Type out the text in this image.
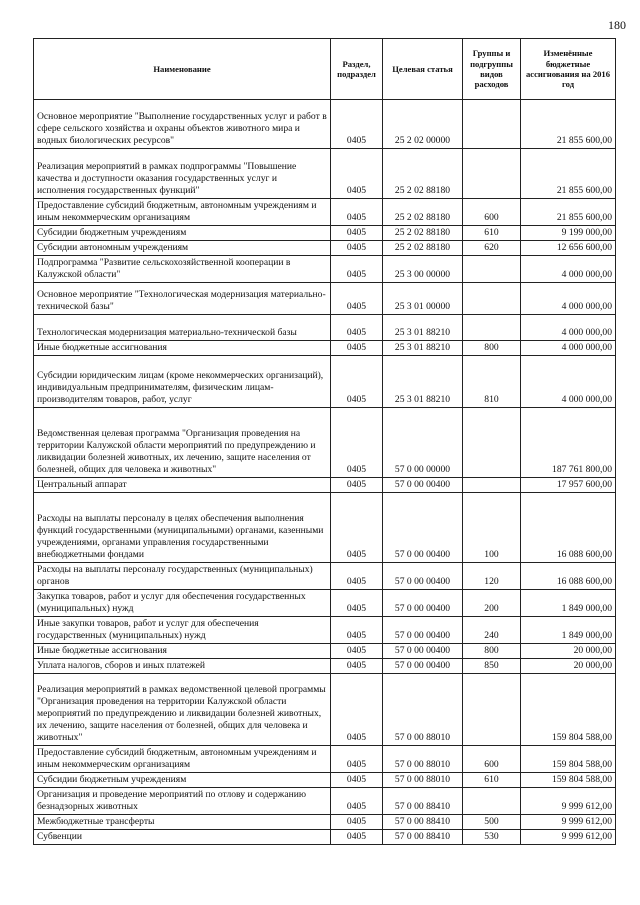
180
Наименование	Раздел, подраздел	Целевая статья	Группы и подгруппы видов расходов	Изменённые бюджетные ассигнования на 2016 год
Основное мероприятие "Выполнение государственных услуг и работ в сфере сельского хозяйства и охраны объектов животного мира и водных биологических ресурсов"	0405	25 2 02 00000		21 855 600,00
Реализация мероприятий в рамках подпрограммы "Повышение качества и доступности оказания государственных услуг и исполнения государственных функций"	0405	25 2 02 88180		21 855 600,00
Предоставление субсидий бюджетным, автономным учреждениям и иным некоммерческим организациям	0405	25 2 02 88180	600	21 855 600,00
Субсидии бюджетным учреждениям	0405	25 2 02 88180	610	9 199 000,00
Субсидии автономным учреждениям	0405	25 2 02 88180	620	12 656 600,00
Подпрограмма "Развитие сельскохозяйственной кооперации в Калужской области"	0405	25 3 00 00000		4 000 000,00
Основное мероприятие "Технологическая модернизация материально-технической базы"	0405	25 3 01 00000		4 000 000,00
Технологическая модернизация материально-технической базы	0405	25 3 01 88210		4 000 000,00
Иные бюджетные ассигнования	0405	25 3 01 88210	800	4 000 000,00
Субсидии юридическим лицам (кроме некоммерческих организаций), индивидуальным предпринимателям, физическим лицам-производителям товаров, работ, услуг	0405	25 3 01 88210	810	4 000 000,00
Ведомственная целевая программа "Организация проведения на территории Калужской области мероприятий по предупреждению и ликвидации болезней животных, их лечению, защите населения от болезней, общих для человека и животных"	0405	57 0 00 00000		187 761 800,00
Центральный аппарат	0405	57 0 00 00400		17 957 600,00
Расходы на выплаты персоналу в целях обеспечения выполнения функций государственными (муниципальными) органами, казенными учреждениями, органами управления государственными внебюджетными фондами	0405	57 0 00 00400	100	16 088 600,00
Расходы на выплаты персоналу государственных (муниципальных) органов	0405	57 0 00 00400	120	16 088 600,00
Закупка товаров, работ и услуг для обеспечения государственных (муниципальных) нужд	0405	57 0 00 00400	200	1 849 000,00
Иные закупки товаров, работ и услуг для обеспечения государственных (муниципальных) нужд	0405	57 0 00 00400	240	1 849 000,00
Иные бюджетные ассигнования	0405	57 0 00 00400	800	20 000,00
Уплата налогов, сборов и иных платежей	0405	57 0 00 00400	850	20 000,00
Реализация мероприятий в рамках ведомственной целевой программы "Организация проведения на территории Калужской области мероприятий по предупреждению и ликвидации болезней животных, их лечению, защите населения от болезней, общих для человека и животных"	0405	57 0 00 88010		159 804 588,00
Предоставление субсидий бюджетным, автономным учреждениям и иным некоммерческим организациям	0405	57 0 00 88010	600	159 804 588,00
Субсидии бюджетным учреждениям	0405	57 0 00 88010	610	159 804 588,00
Организация и проведение мероприятий по отлову и содержанию безнадзорных животных	0405	57 0 00 88410		9 999 612,00
Межбюджетные трансферты	0405	57 0 00 88410	500	9 999 612,00
Субвенции	0405	57 0 00 88410	530	9 999 612,00
